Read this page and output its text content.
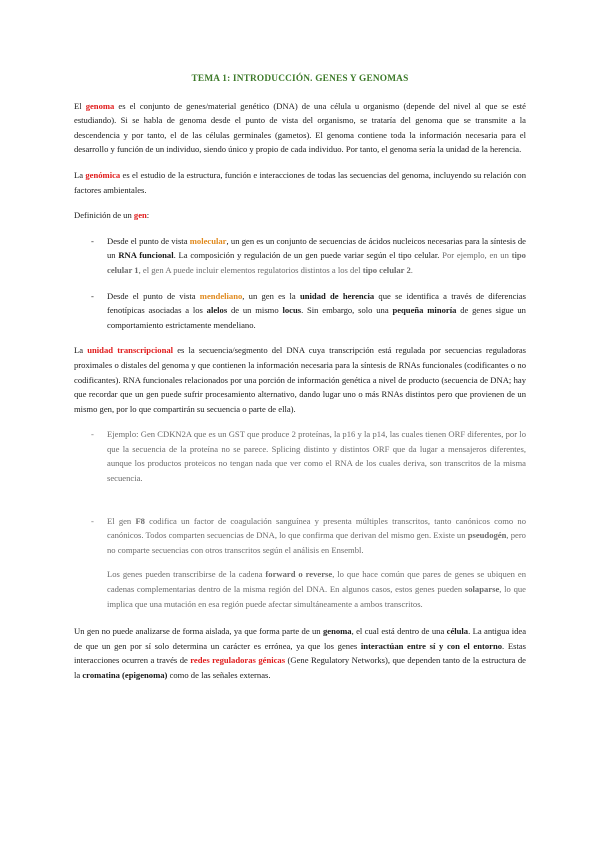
TEMA 1: INTRODUCCIÓN. GENES Y GENOMAS

El genoma es el conjunto de genes/material genético (DNA) de una célula u organismo (depende del nivel al que se esté estudiando). Si se habla de genoma desde el punto de vista del organismo, se trataría del genoma que se transmite a la descendencia y por tanto, el de las células germinales (gametos). El genoma contiene toda la información necesaria para el desarrollo y función de un individuo, siendo único y propio de cada individuo. Por tanto, el genoma sería la unidad de la herencia.

La genómica es el estudio de la estructura, función e interacciones de todas las secuencias del genoma, incluyendo su relación con factores ambientales.

Definición de un gen:

- Desde el punto de vista molecular, un gen es un conjunto de secuencias de ácidos nucleicos necesarias para la síntesis de un RNA funcional. La composición y regulación de un gen puede variar según el tipo celular. Por ejemplo, en un tipo celular 1, el gen A puede incluir elementos regulatorios distintos a los del tipo celular 2.
- Desde el punto de vista mendeliano, un gen es la unidad de herencia que se identifica a través de diferencias fenotípicas asociadas a los alelos de un mismo locus. Sin embargo, solo una pequeña minoría de genes sigue un comportamiento estrictamente mendeliano.

La unidad transcripcional es la secuencia/segmento del DNA cuya transcripción está regulada por secuencias reguladoras proximales o distales del genoma y que contienen la información necesaria para la síntesis de RNAs funcionales (codificantes o no codificantes). RNA funcionales relacionados por una porción de información genética a nivel de producto (secuencia de DNA; hay que recordar que un gen puede sufrir procesamiento alternativo, dando lugar uno o más RNAs distintos pero que provienen de un mismo gen, por lo que compartirán su secuencia o parte de ella).

- Ejemplo: Gen CDKN2A que es un GST que produce 2 proteínas, la p16 y la p14, las cuales tienen ORF diferentes, por lo que la secuencia de la proteína no se parece. Splicing distinto y distintos ORF que da lugar a mensajeros diferentes, aunque los productos proteicos no tengan nada que ver como el RNA de los cuales deriva, son transcritos de la misma secuencia.
- El gen F8 codifica un factor de coagulación sanguínea y presenta múltiples transcritos, tanto canónicos como no canónicos. Todos comparten secuencias de DNA, lo que confirma que derivan del mismo gen. Existe un pseudogén, pero no comparte secuencias con otros transcritos según el análisis en Ensembl.

Los genes pueden transcribirse de la cadena forward o reverse, lo que hace común que pares de genes se ubiquen en cadenas complementarias dentro de la misma región del DNA. En algunos casos, estos genes pueden solaparse, lo que implica que una mutación en esa región puede afectar simultáneamente a ambos transcritos.

Un gen no puede analizarse de forma aislada, ya que forma parte de un genoma, el cual está dentro de una célula. La antigua idea de que un gen por sí solo determina un carácter es errónea, ya que los genes interactúan entre sí y con el entorno. Estas interacciones ocurren a través de redes reguladoras génicas (Gene Regulatory Networks), que dependen tanto de la estructura de la cromatina (epigenoma) como de las señales externas.
